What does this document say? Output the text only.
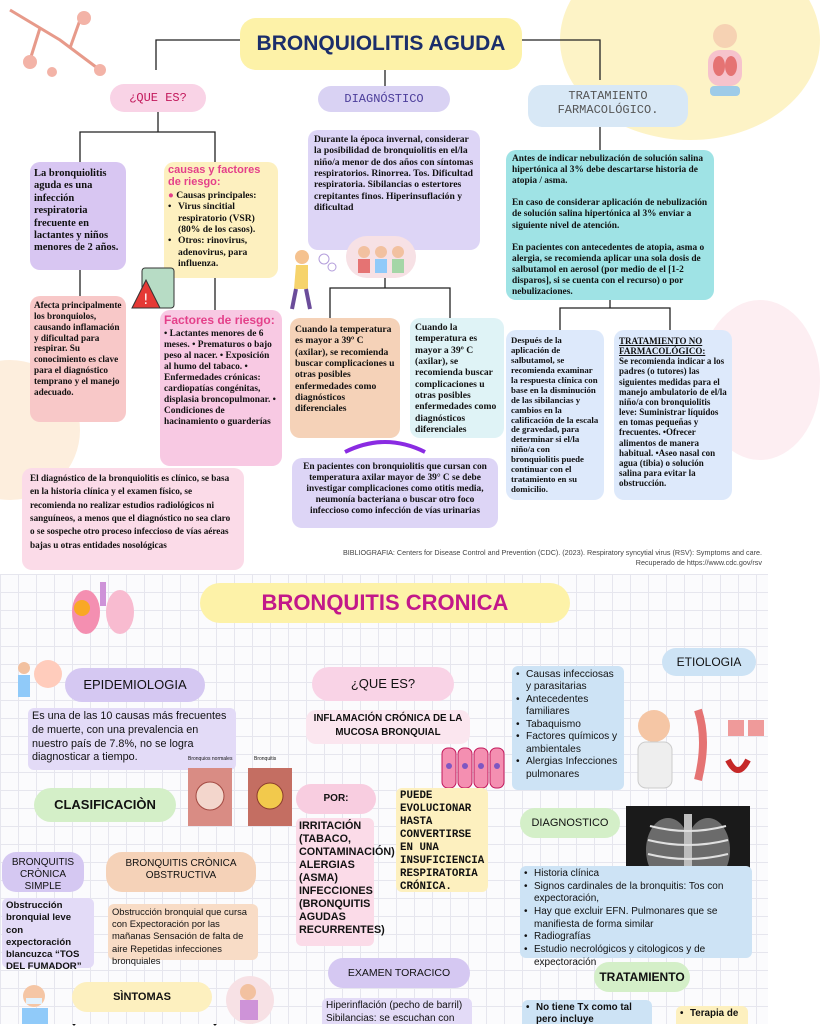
BRONQUIOLITIS AGUDA
¿QUE ES?	DIAGNÓSTICO	TRATAMIENTO FARMACOLÓGICO.
La bronquiolitis aguda es una infección respiratoria frecuente en lactantes y niños menores de 2 años.
causas y factores de riesgo:
● Causas principales:
• Virus sincitial respiratorio (VSR) (80% de los casos).
• Otros: rinovirus, adenovirus, para influenza.
Afecta principalmente los bronquiolos, causando inflamación y dificultad para respirar. Su conocimiento es clave para el diagnóstico temprano y el manejo adecuado.
Factores de riesgo:
• Lactantes menores de 6 meses. • Prematuros o bajo peso al nacer. • Exposición al humo del tabaco. • Enfermedades crónicas: cardiopatías congénitas, displasia broncopulmonar. • Condiciones de hacinamiento o guarderías
Durante la época invernal, considerar la posibilidad de bronquiolitis en el/la niño/a menor de dos años con síntomas respiratorios. Rinorrea. Tos. Dificultad respiratoria. Sibilancias o estertores crepitantes finos. Hiperinsuflación y dificultad
Cuando la temperatura es mayor a 39º C (axilar), se recomienda buscar complicaciones u otras posibles enfermedades como diagnósticos diferenciales
Cuando la temperatura es mayor a 39º C (axilar), se recomienda buscar complicaciones u otras posibles enfermedades como diagnósticos diferenciales
En pacientes con bronquiolitis que cursan con temperatura axilar mayor de 39° C se debe investigar complicaciones como otitis media, neumonía bacteriana o buscar otro foco infeccioso como infección de vías urinarias
El diagnóstico de la bronquiolitis es clínico, se basa en la historia clínica y el examen físico, se recomienda no realizar estudios radiológicos ni sanguíneos, a menos que el diagnóstico no sea claro o se sospeche otro proceso infeccioso de vías aéreas bajas u otras entidades nosológicas
Antes de indicar nebulización de solución salina hipertónica al 3% debe descartarse historia de atopia / asma.

En caso de considerar aplicación de nebulización de solución salina hipertónica al 3% enviar a siguiente nivel de atención.

En pacientes con antecedentes de atopia, asma o alergia, se recomienda aplicar una sola dosis de salbutamol en aerosol (por medio de el [1-2 disparos], si se cuenta con el recurso) o por nebulizaciones.
Después de la aplicación de salbutamol, se recomienda examinar la respuesta clínica con base en la disminución de las sibilancias y cambios en la calificación de la escala de gravedad, para determinar si el/la niño/a con bronquiolitis puede continuar con el tratamiento en su domicilio.
TRATAMIENTO NO FARMACOLÓGICO:
Se recomienda indicar a los padres (o tutores) las siguientes medidas para el manejo ambulatorio de el/la niño/a con bronquiolitis leve: Suministrar líquidos en tomas pequeñas y frecuentes. •Ofrecer alimentos de manera habitual. •Aseo nasal con agua (tibia) o solución salina para evitar la obstrucción.
BIBLIOGRAFIA: Centers for Disease Control and Prevention (CDC). (2023). Respiratory syncytial virus (RSV): Symptoms and care. Recuperado de https://www.cdc.gov/rsv
!
BRONQUITIS CRONICA
EPIDEMIOLOGIA
Es una de las 10 causas más frecuentes de muerte, con una prevalencia en nuestro país de 7.8%, no se logra diagnosticar a tiempo.
¿QUE ES?
INFLAMACIÓN CRÓNICA DE LA MUCOSA BRONQUIAL
ETIOLOGIA
• Causas infecciosas y parasitarias
• Antecedentes familiares
• Tabaquismo
• Factores químicos y ambientales
• Alergias Infecciones pulmonares
Bronquios normales	Bronquitis
CLASIFICACIÒN	POR:
IRRITACIÓN (TABACO, CONTAMINACIÓN) ALERGIAS (ASMA) INFECCIONES (BRONQUITIS AGUDAS RECURRENTES)
PUEDE EVOLUCIONAR HASTA CONVERTIRSE EN UNA INSUFICIENCIA RESPIRATORIA CRÓNICA.
DIAGNOSTICO
• Historia clínica
• Signos cardinales de la bronquitis: Tos con expectoración,
• Hay que excluir EFN. Pulmonares que se manifiesta de forma similar
• Radiografías
• Estudio necrológicos y citologicos y de expectoración
BRONQUITIS CRÒNICA SIMPLE
BRONQUITIS CRÒNICA OBSTRUCTIVA
Obstrucción bronquial leve con expectoración blancuzca “TOS DEL FUMADOR”
Obstrucción bronquial que cursa con Expectoración por las mañanas Sensación de falta de aire Repetidas infecciones bronquiales
EXAMEN TORACICO
Hiperinflación (pecho de barril) Sibilancias: se escuchan con
SÌNTOMAS
TRATAMIENTO
• No tiene Tx como tal pero incluye
• Terapia de
